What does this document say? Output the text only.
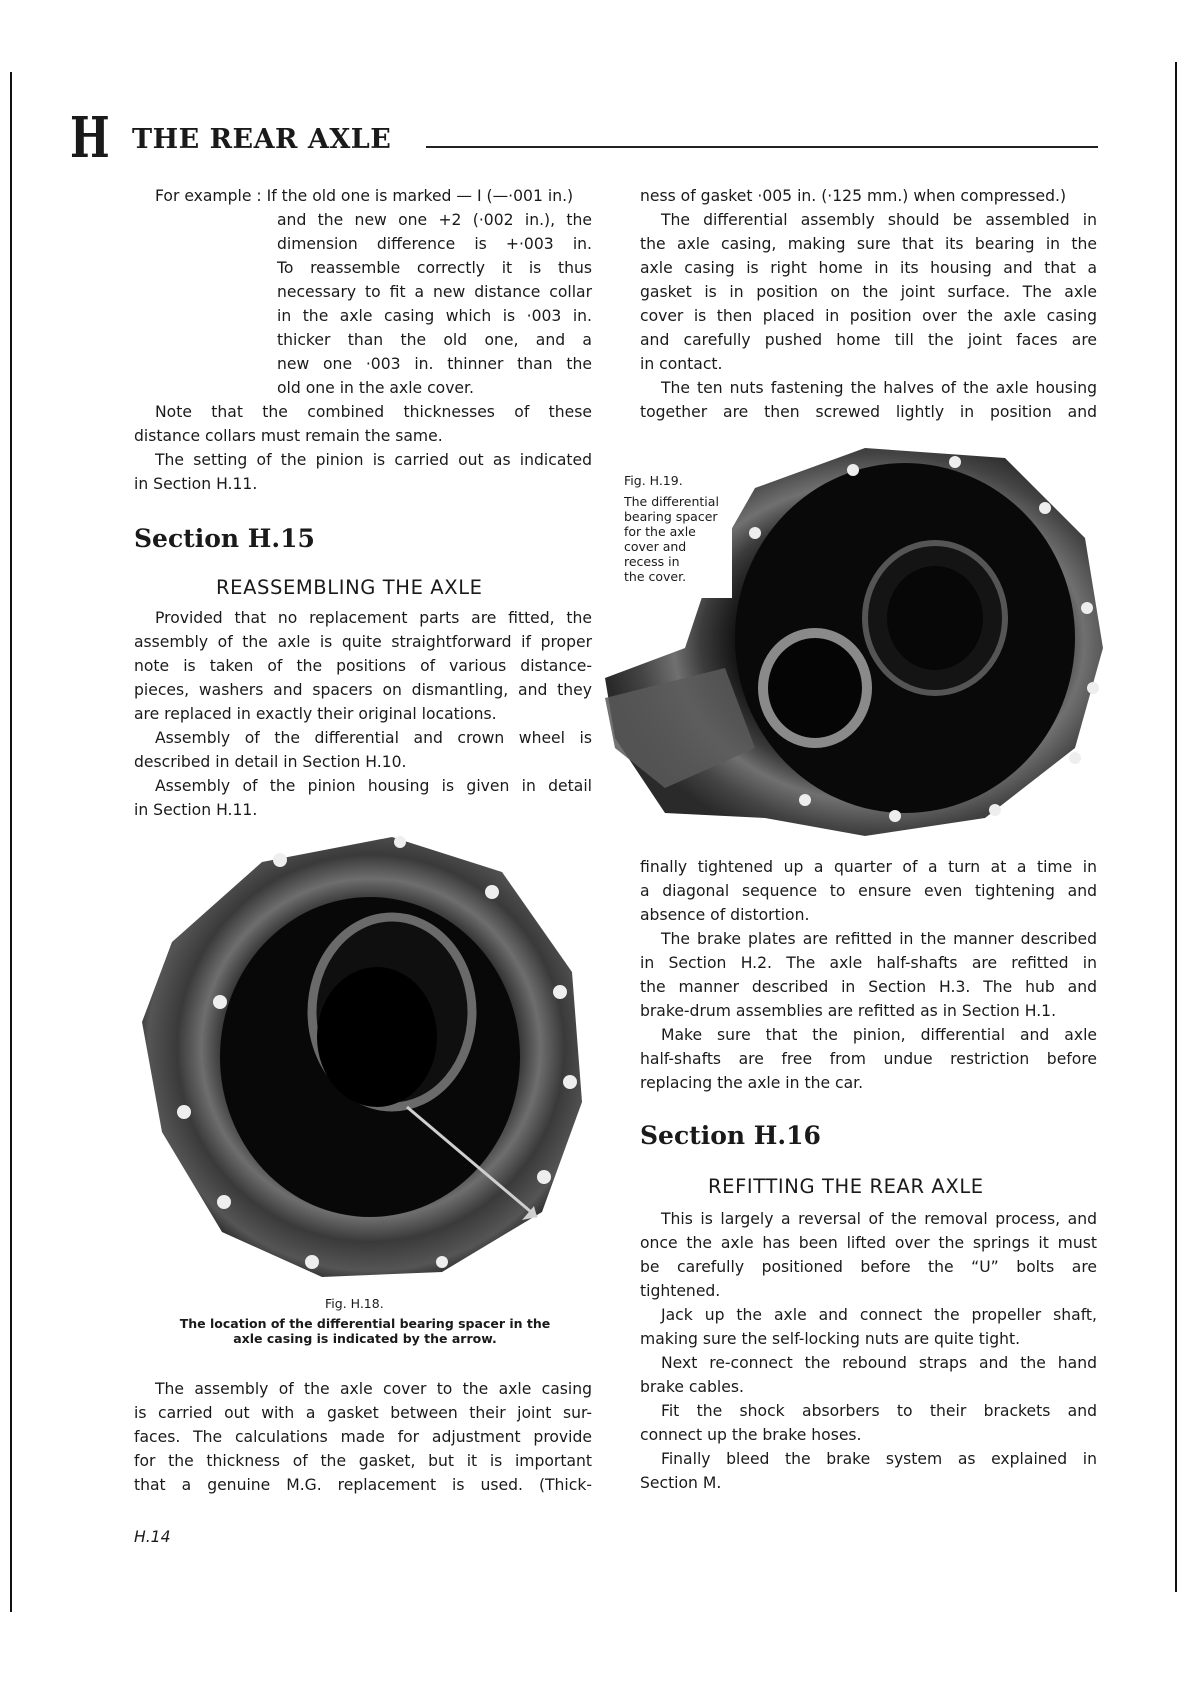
H THE REAR AXLE
For example : If the old one is marked — I (—·001 in.)
and the new one +2 (·002 in.), the
dimension difference is +·003 in.
To reassemble correctly it is thus
necessary to fit a new distance collar
in the axle casing which is ·003 in.
thicker than the old one, and a
new one ·003 in. thinner than the
old one in the axle cover.
Note that the combined thicknesses of these
distance collars must remain the same.
The setting of the pinion is carried out as indicated
in Section H.11.
Section H.15
REASSEMBLING THE AXLE
Provided that no replacement parts are fitted, the
assembly of the axle is quite straightforward if proper
note is taken of the positions of various distance-
pieces, washers and spacers on dismantling, and they
are replaced in exactly their original locations.
Assembly of the differential and crown wheel is
described in detail in Section H.10.
Assembly of the pinion housing is given in detail
in Section H.11.
Fig. H.18.
The location of the differential bearing spacer in the
axle casing is indicated by the arrow.
The assembly of the axle cover to the axle casing
is carried out with a gasket between their joint sur-
faces. The calculations made for adjustment provide
for the thickness of the gasket, but it is important
that a genuine M.G. replacement is used. (Thick-
H.14
ness of gasket ·005 in. (·125 mm.) when compressed.)
The differential assembly should be assembled in
the axle casing, making sure that its bearing in the
axle casing is right home in its housing and that a
gasket is in position on the joint surface. The axle
cover is then placed in position over the axle casing
and carefully pushed home till the joint faces are
in contact.
The ten nuts fastening the halves of the axle housing
together are then screwed lightly in position and
Fig. H.19.
The differential
bearing spacer
for the axle
cover and
recess in
the cover.
finally tightened up a quarter of a turn at a time in
a diagonal sequence to ensure even tightening and
absence of distortion.
The brake plates are refitted in the manner described
in Section H.2. The axle half-shafts are refitted in
the manner described in Section H.3. The hub and
brake-drum assemblies are refitted as in Section H.1.
Make sure that the pinion, differential and axle
half-shafts are free from undue restriction before
replacing the axle in the car.
Section H.16
REFITTING THE REAR AXLE
This is largely a reversal of the removal process, and
once the axle has been lifted over the springs it must
be carefully positioned before the “U” bolts are
tightened.
Jack up the axle and connect the propeller shaft,
making sure the self-locking nuts are quite tight.
Next re-connect the rebound straps and the hand
brake cables.
Fit the shock absorbers to their brackets and
connect up the brake hoses.
Finally bleed the brake system as explained in
Section M.
